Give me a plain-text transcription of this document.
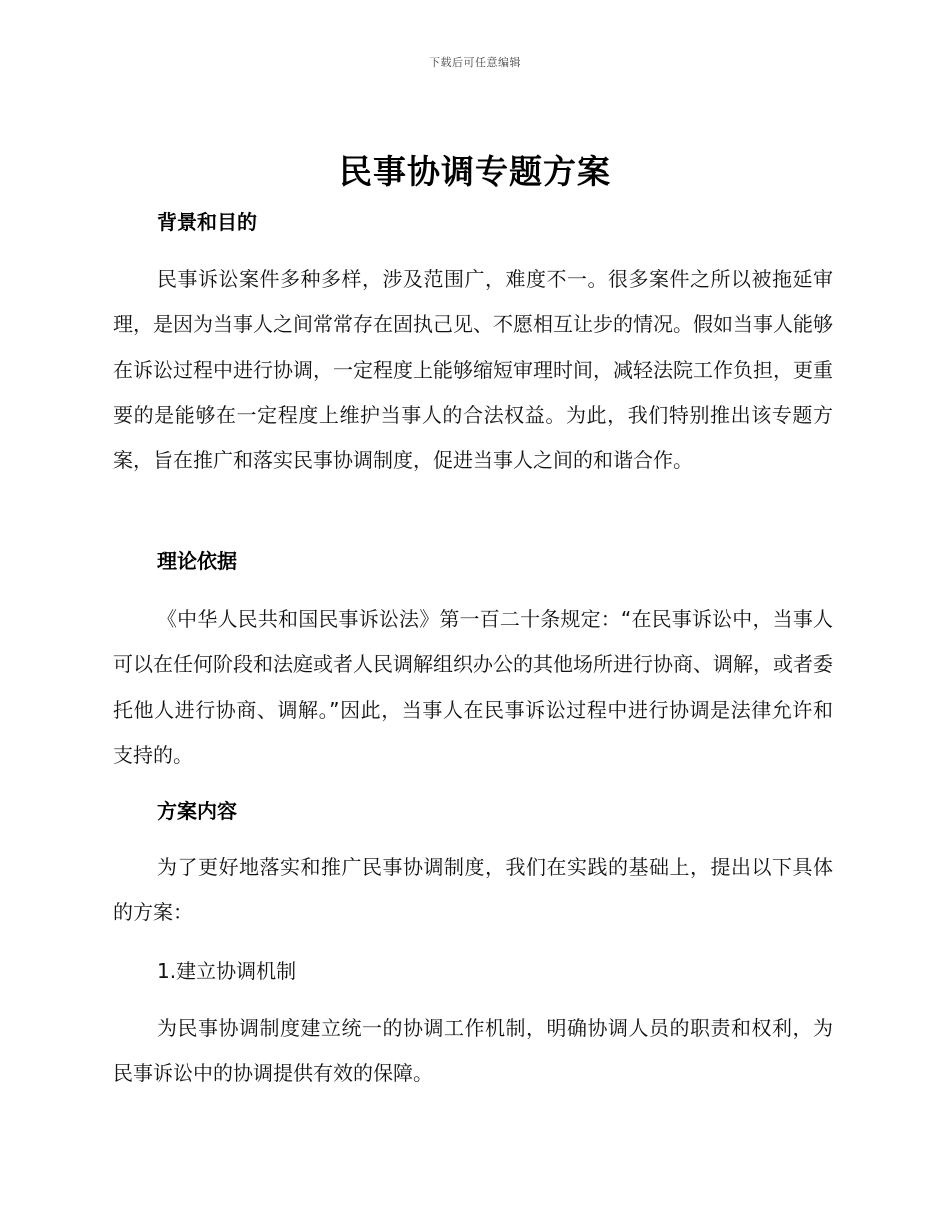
下载后可任意编辑
民事协调专题方案
背景和目的
民事诉讼案件多种多样，涉及范围广，难度不一。很多案件之所以被拖延审理，是因为当事人之间常常存在固执己见、不愿相互让步的情况。假如当事人能够在诉讼过程中进行协调，一定程度上能够缩短审理时间，减轻法院工作负担，更重要的是能够在一定程度上维护当事人的合法权益。为此，我们特别推出该专题方案，旨在推广和落实民事协调制度，促进当事人之间的和谐合作。
理论依据
《中华人民共和国民事诉讼法》第一百二十条规定：“在民事诉讼中，当事人可以在任何阶段和法庭或者人民调解组织办公的其他场所进行协商、调解，或者委托他人进行协商、调解。”因此，当事人在民事诉讼过程中进行协调是法律允许和支持的。
方案内容
为了更好地落实和推广民事协调制度，我们在实践的基础上，提出以下具体的方案：
1.建立协调机制
为民事协调制度建立统一的协调工作机制，明确协调人员的职责和权利，为民事诉讼中的协调提供有效的保障。
